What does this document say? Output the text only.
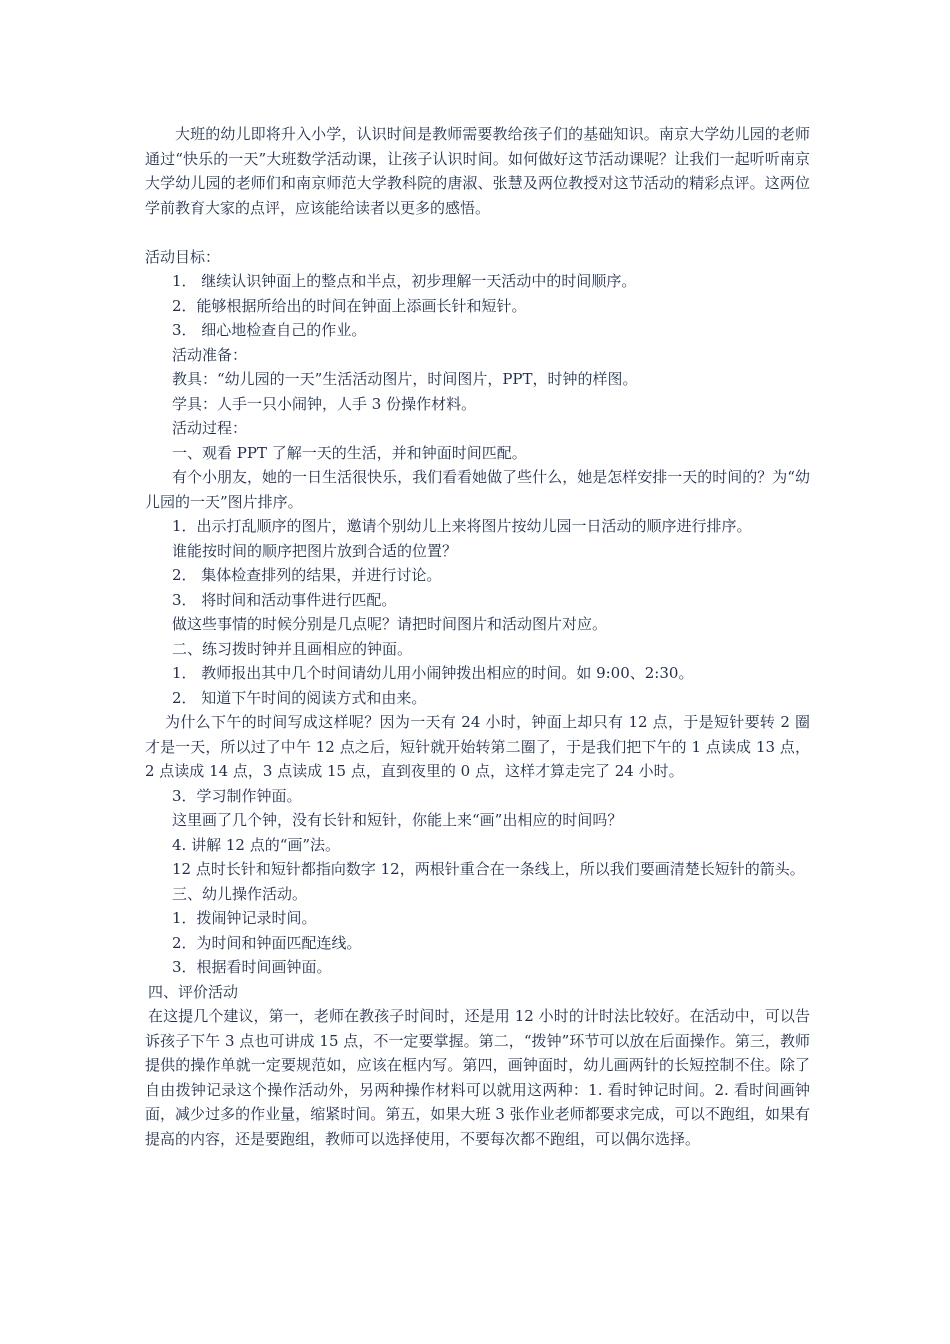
大班的幼儿即将升入小学，认识时间是教师需要教给孩子们的基础知识。南京大学幼儿园的老师通过“快乐的一天”大班数学活动课，让孩子认识时间。如何做好这节活动课呢？让我们一起听听南京大学幼儿园的老师们和南京师范大学教科院的唐淑、张慧及两位教授对这节活动的精彩点评。这两位学前教育大家的点评，应该能给读者以更多的感悟。

活动目标：

1． 继续认识钟面上的整点和半点，初步理解一天活动中的时间顺序。

2．能够根据所给出的时间在钟面上添画长针和短针。

3． 细心地检查自己的作业。

活动准备：

教具：“幼儿园的一天”生活活动图片，时间图片，PPT，时钟的样图。

学具：人手一只小闹钟，人手 3 份操作材料。

活动过程：

一、观看 PPT 了解一天的生活，并和钟面时间匹配。

有个小朋友，她的一日生活很快乐，我们看看她做了些什么，她是怎样安排一天的时间的？为“幼儿园的一天”图片排序。

1．出示打乱顺序的图片，邀请个别幼儿上来将图片按幼儿园一日活动的顺序进行排序。

谁能按时间的顺序把图片放到合适的位置？

2． 集体检查排列的结果，并进行讨论。

3． 将时间和活动事件进行匹配。

做这些事情的时候分别是几点呢？请把时间图片和活动图片对应。

二、练习拨时钟并且画相应的钟面。

1． 教师报出其中几个时间请幼儿用小闹钟拨出相应的时间。如 9:00、2:30。

2． 知道下午时间的阅读方式和由来。

为什么下午的时间写成这样呢？因为一天有 24 小时，钟面上却只有 12 点，于是短针要转 2 圈才是一天，所以过了中午 12 点之后，短针就开始转第二圈了，于是我们把下午的 1 点读成 13 点，2 点读成 14 点，3 点读成 15 点，直到夜里的 0 点，这样才算走完了 24 小时。

3．学习制作钟面。

这里画了几个钟，没有长针和短针，你能上来“画”出相应的时间吗？

4. 讲解 12 点的“画”法。

12 点时长针和短针都指向数字 12，两根针重合在一条线上，所以我们要画清楚长短针的箭头。

三、幼儿操作活动。

1．拨闹钟记录时间。

2．为时间和钟面匹配连线。

3．根据看时间画钟面。

四、评价活动

在这提几个建议，第一，老师在教孩子时间时，还是用 12 小时的计时法比较好。在活动中，可以告诉孩子下午 3 点也可讲成 15 点，不一定要掌握。第二，“拨钟”环节可以放在后面操作。第三，教师提供的操作单就一定要规范如，应该在框内写。第四，画钟面时，幼儿画两针的长短控制不住。除了自由拨钟记录这个操作活动外，另两种操作材料可以就用这两种：1. 看时钟记时间。2. 看时间画钟面，减少过多的作业量，缩紧时间。第五，如果大班 3 张作业老师都要求完成，可以不跑组，如果有提高的内容，还是要跑组，教师可以选择使用，不要每次都不跑组，可以偶尔选择。
